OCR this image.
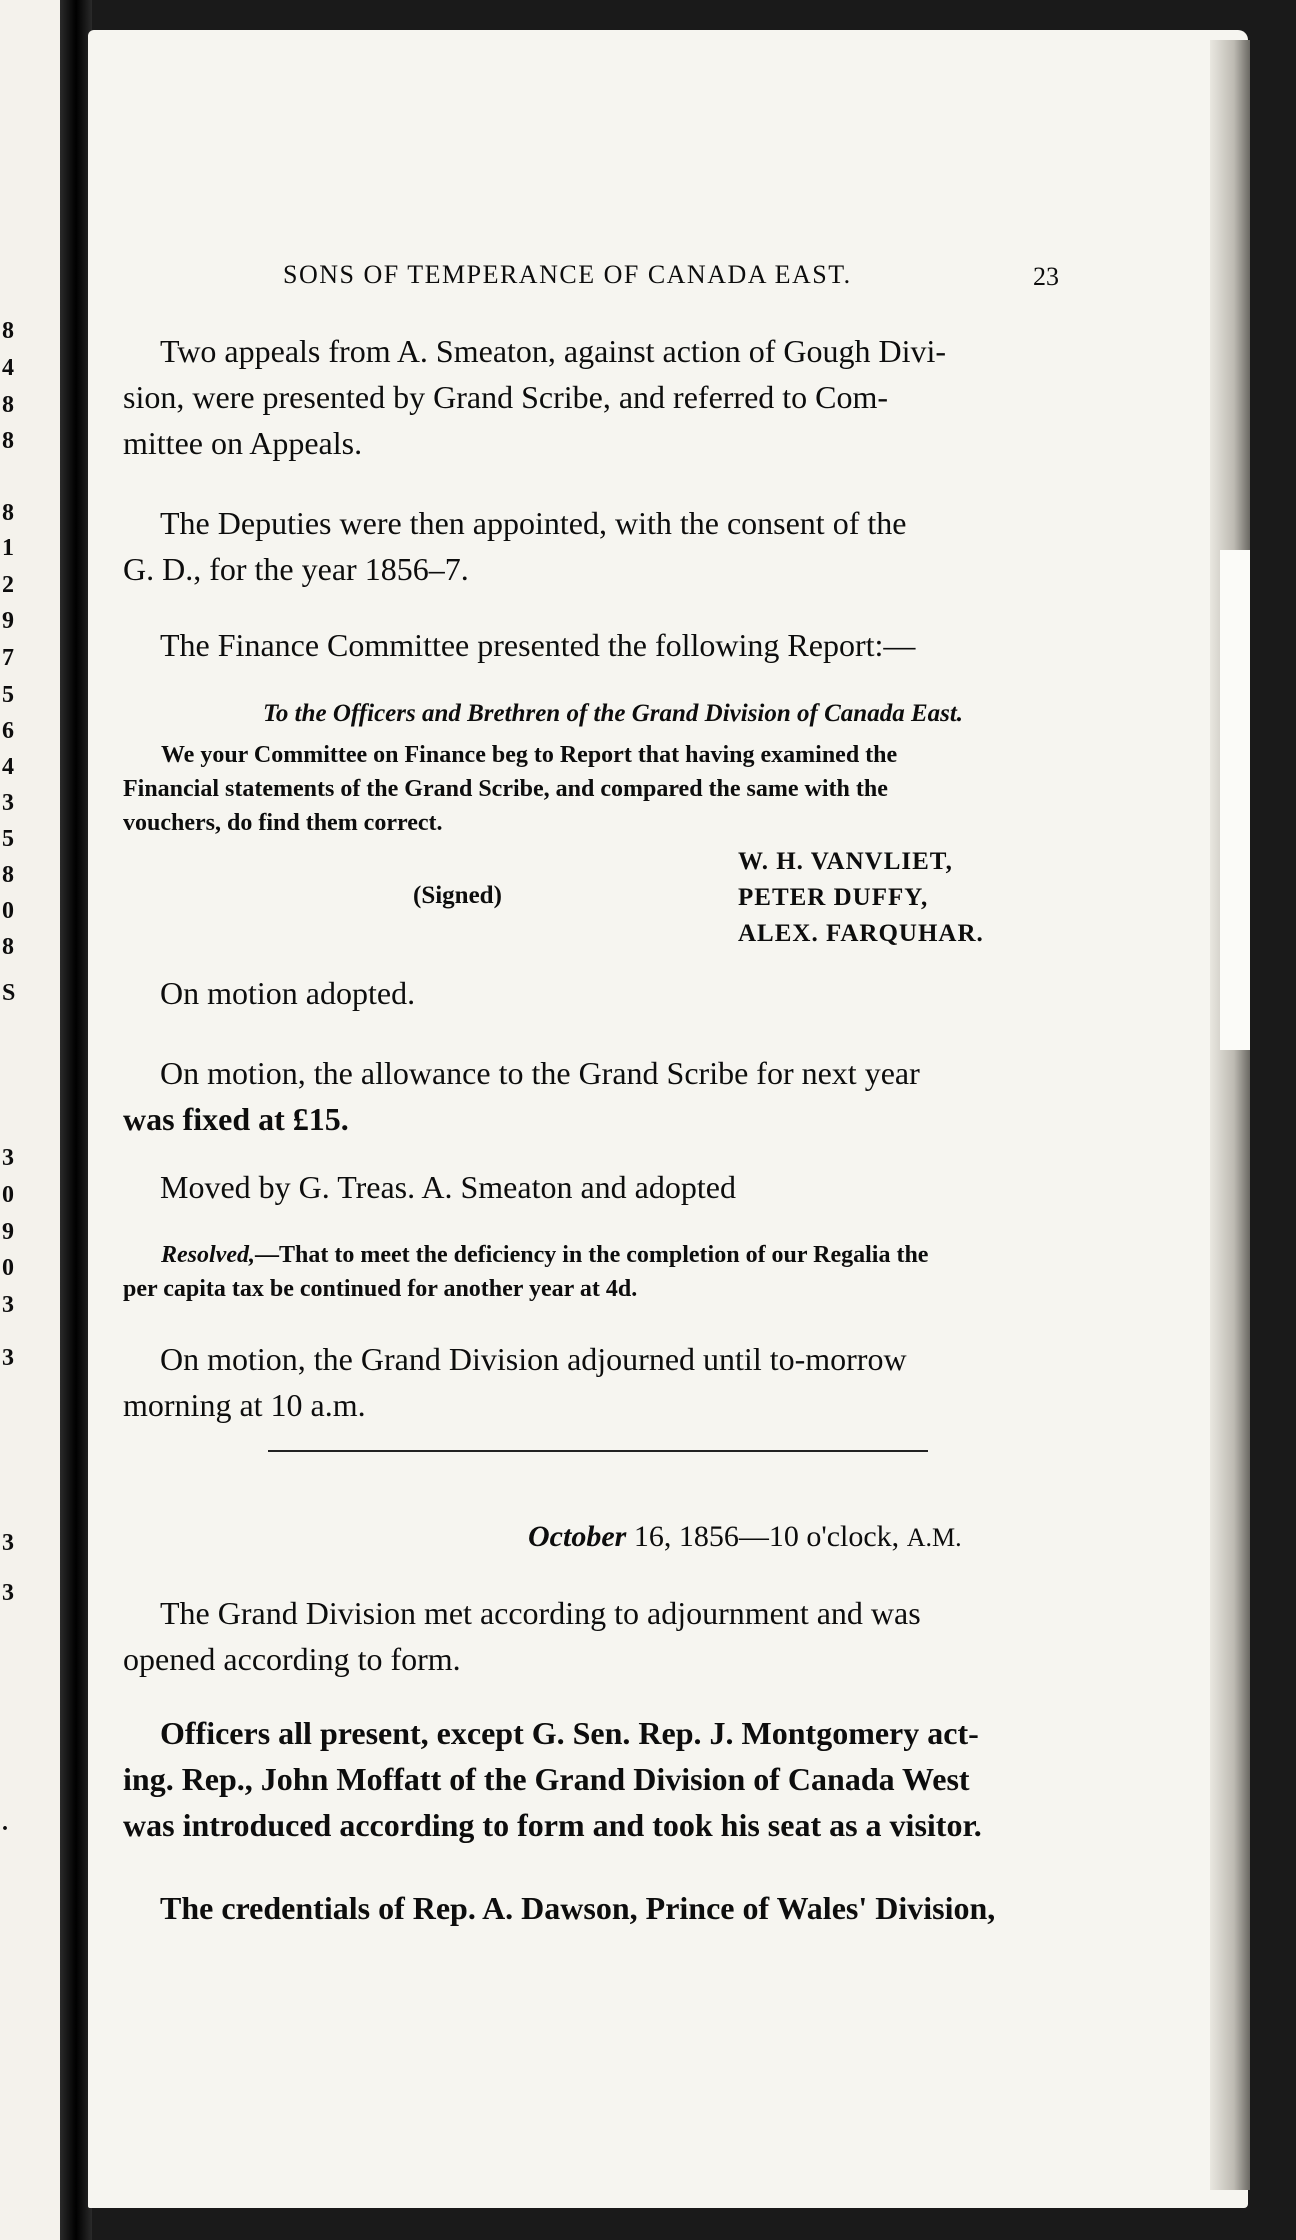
8
4
8
8
8
1
2
9
7
5
6
4
3
5
8
0
8
S
3
0
9
0
3
3
3
3
.
SONS OF TEMPERANCE OF CANADA EAST.	23
Two appeals from A. Smeaton, against action of Gough Divi-
sion, were presented by Grand Scribe, and referred to Com-
mittee on Appeals.
The Deputies were then appointed, with the consent of the
G. D., for the year 1856–7.
The Finance Committee presented the following Report:—
To the Officers and Brethren of the Grand Division of Canada East.
We your Committee on Finance beg to Report that having examined the
Financial statements of the Grand Scribe, and compared the same with the
vouchers, do find them correct.
(Signed)
W. H. VANVLIET,
PETER DUFFY,
ALEX. FARQUHAR.
On motion adopted.
On motion, the allowance to the Grand Scribe for next year
was fixed at £15.
Moved by G. Treas. A. Smeaton and adopted
Resolved,—That to meet the deficiency in the completion of our Regalia the
per capita tax be continued for another year at 4d.
On motion, the Grand Division adjourned until to-morrow
morning at 10 a.m.
October 16, 1856—10 o'clock, A.M.
The Grand Division met according to adjournment and was
opened according to form.
Officers all present, except G. Sen. Rep. J. Montgomery act-
ing. Rep., John Moffatt of the Grand Division of Canada West
was introduced according to form and took his seat as a visitor.
The credentials of Rep. A. Dawson, Prince of Wales' Division,
